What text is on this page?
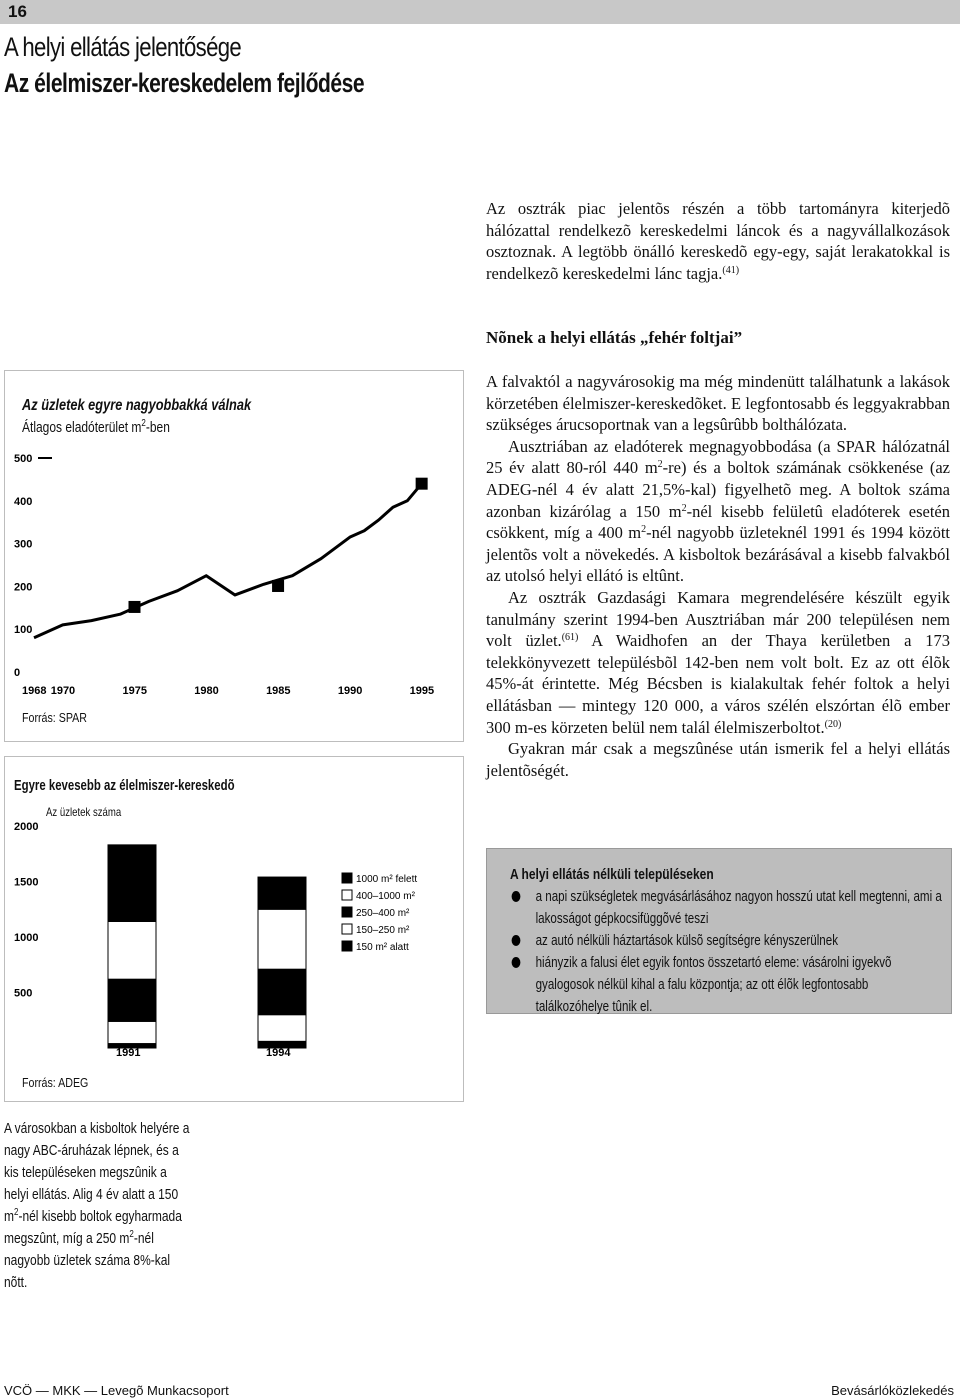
16
A helyi ellátás jelentősége
Az élelmiszer-kereskedelem fejlődése

Az osztrák piac jelentõs részén a több tartományra kiterjedõ hálózattal rendelkezõ kereskedelmi láncok és a nagyvállalkozások osztoznak. A legtöbb önálló kereskedõ egy-egy, saját lerakatokkal is rendelkezõ kereskedelmi lánc tagja.$^{(41)}$

Nõnek a helyi ellátás „fehér foltjai”

A falvaktól a nagyvárosokig ma még mindenütt találhatunk a lakások körzetében élelmiszer-kereskedõket. E legfontosabb és leggyakrabban szükséges árucsoportnak van a legsûrûbb bolthálózata.

Ausztriában az eladóterek megnagyobbodása (a SPAR hálózatnál 25 év alatt 80-ról 440 $m^2-re$) és a boltok számának csökkenése (az ADEG-nél 4 év alatt 21,5%-kal) figyelhetõ meg. A boltok száma azonban kizárólag a 150 $m^2$-nél kisebb felületû eladóterek esetén csökkent, míg a 400 $m^2$-nél nagyobb üzleteknél 1991 és 1994 között jelentõs volt a növekedés. A kisboltok bezárásával a kisebb falvakból az utolsó helyi ellátó is eltûnt.

Az osztrák Gazdasági Kamara megrendelésére készült egyik tanulmány szerint 1994-ben Ausztriában már 200 településen nem volt üzlet.$^{(61)}$ A Waidhofen an der Thaya kerületben a 173 telekkönyvezett településbõl 142-ben nem volt bolt. Ez az ott élõk 45%-át érintette. Még Bécsben is kialakultak fehér foltok a helyi ellátásban — mintegy 120 000, a város szélén elszórtan élõ ember 300 m-es körzeten belül nem talál élelmiszerboltot.$^{(20)}$

Gyakran már csak a megszûnése után ismerik fel a helyi ellátás jelentõségét.

Az üzletek egyre nagyobbakká válnak
Átlagos eladóterület $m^2$-ben
500
400
300
200
100
0
1968 1970	1975	1980	1985	1990	1995
Forrás: SPAR
Egyre kevesebb az élelmiszer-kereskedõ
Az üzletek száma
2000
1500
1000
500
1991	1994
1000 m² felett
400–1000 m²
250–400 m²
150–250 m²
150 m² alatt
Forrás: ADEG
A városokban a kisboltok helyére a nagy ABC-áruházak lépnek, és a kis településeken megszûnik a helyi ellátás. Alig 4 év alatt a 150 $m^2$-nél kisebb boltok egyharmada megszûnt, míg a 250 $m^2$-nél nagyobb üzletek száma 8%-kal nõtt.
A helyi ellátás nélküli településeken
a napi szükségletek megvásárlásához nagyon hosszú utat kell megtenni, ami a lakosságot gépkocsifüggõvé teszi
az autó nélküli háztartások külsõ segítségre kényszerülnek
hiányzik a falusi élet egyik fontos összetartó eleme: vásárolni igyekvõ gyalogosok nélkül kihal a falu központja; az ott élõk legfontosabb találkozóhelye tûnik el.
VCÖ — MKK — Levegõ Munkacsoport	Bevásárlóközlekedés
